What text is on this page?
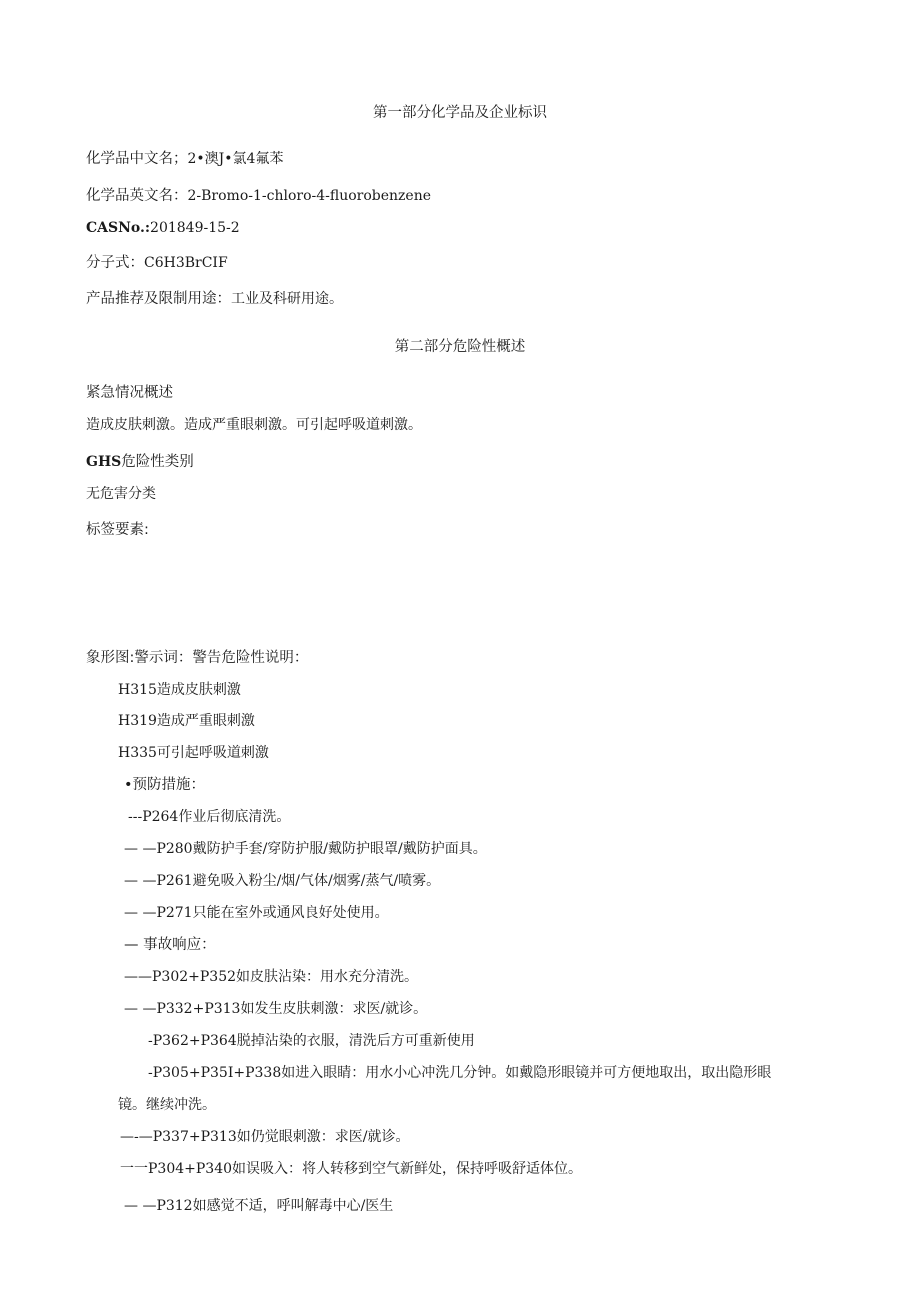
第一部分化学品及企业标识
化学品中文名；2•澳J•氯4氟苯
化学品英文名：2-Bromo-1-chloro-4-fluorobenzene
CASNo.:201849-15-2
分子式：C6H3BrCIF
产品推荐及限制用途：工业及科研用途。
第二部分危险性概述
紧急情况概述
造成皮肤刺激。造成严重眼刺激。可引起呼吸道刺激。
GHS危险性类别
无危害分类
标签要素:
象形图:警示词：警告危险性说明：
H315造成皮肤刺激
H319造成严重眼刺激
H335可引起呼吸道刺激
•预防措施：
---P264作业后彻底清洗。
— —P280戴防护手套/穿防护服/戴防护眼罩/戴防护面具。
— —P261避免吸入粉尘/烟/气体/烟雾/蒸气/喷雾。
— —P271只能在室外或通风良好处使用。
— 事故响应：
——P302+P352如皮肤沾染：用水充分清洗。
— —P332+P313如发生皮肤刺激：求医/就诊。
-P362+P364脱掉沾染的衣服，清洗后方可重新使用
-P305+P35I+P338如进入眼睛：用水小心冲洗几分钟。如戴隐形眼镜并可方便地取出，取出隐形眼
镜。继续冲洗。
—-—P337+P313如仍觉眼刺激：求医/就诊。
一一P304+P340如误吸入：将人转移到空气新鲜处，保持呼吸舒适体位。
— —P312如感觉不适，呼叫解毒中心/医生
